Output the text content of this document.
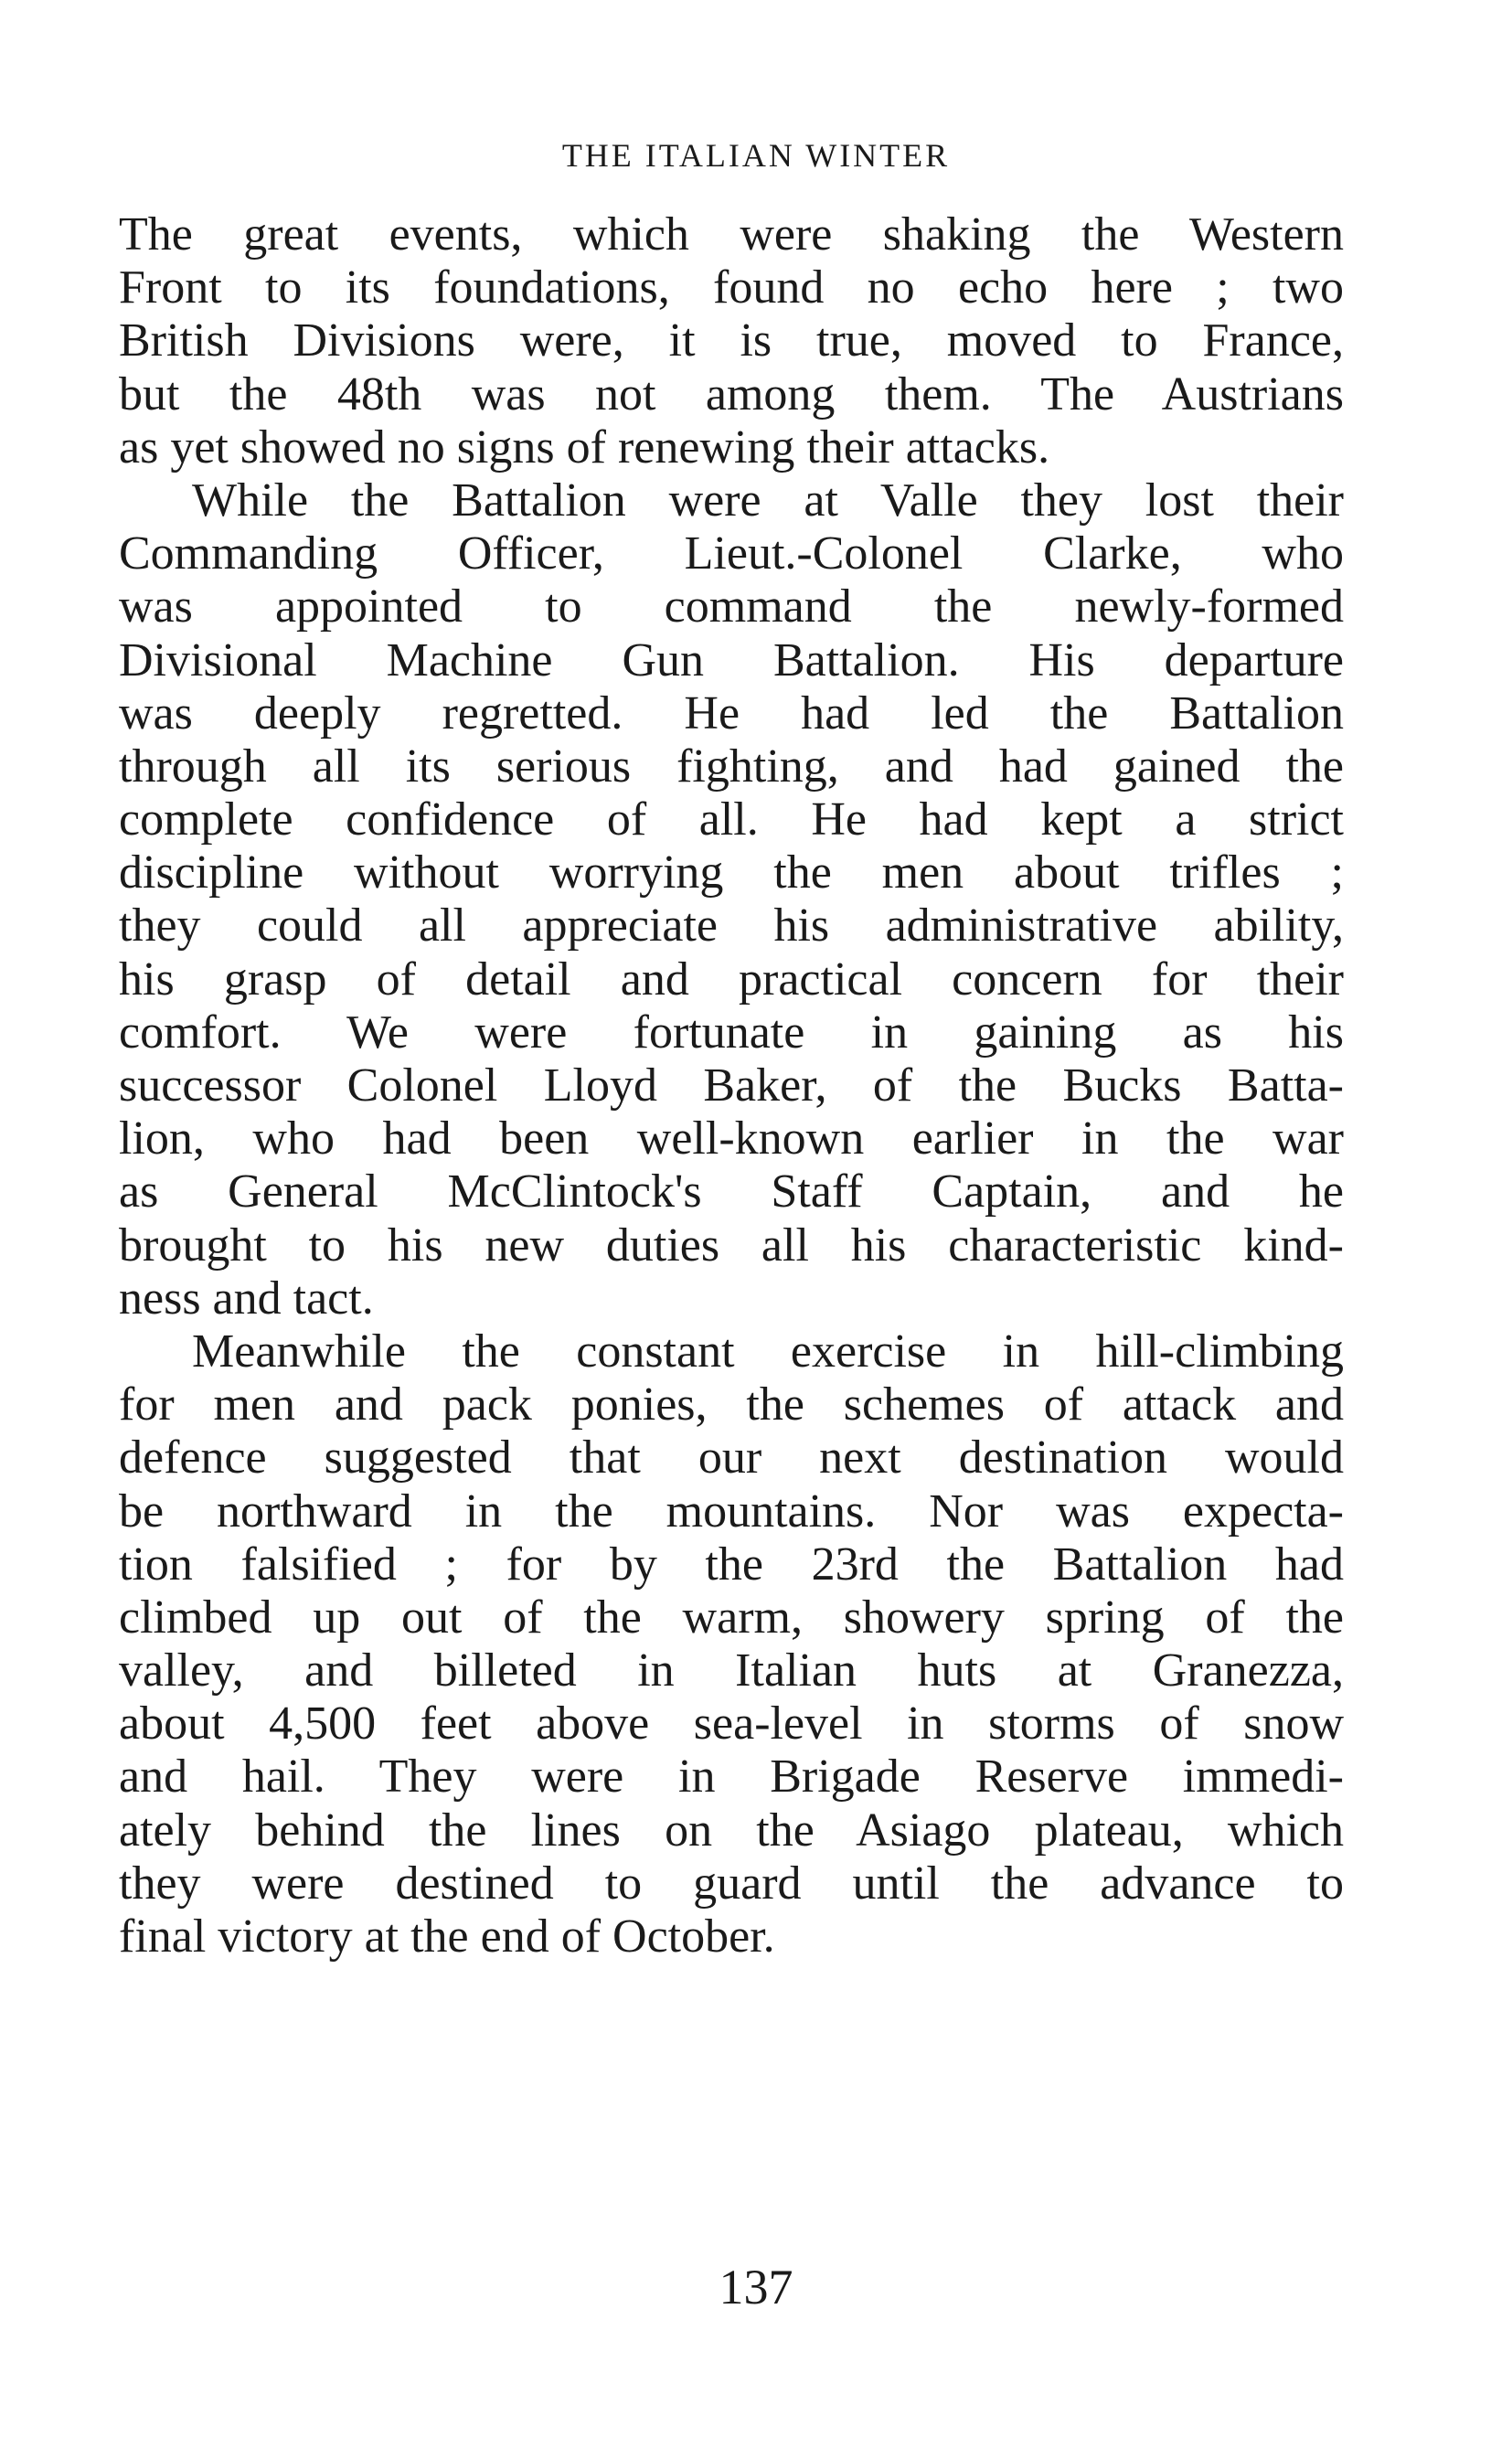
THE ITALIAN WINTER
The great events, which were shaking the Western
Front to its foundations, found no echo here ; two
British Divisions were, it is true, moved to France,
but the 48th was not among them. The Austrians
as yet showed no signs of renewing their attacks.
While the Battalion were at Valle they lost their
Commanding Officer, Lieut.-Colonel Clarke, who
was appointed to command the newly-formed
Divisional Machine Gun Battalion. His departure
was deeply regretted. He had led the Battalion
through all its serious fighting, and had gained the
complete confidence of all. He had kept a strict
discipline without worrying the men about trifles ;
they could all appreciate his administrative ability,
his grasp of detail and practical concern for their
comfort. We were fortunate in gaining as his
successor Colonel Lloyd Baker, of the Bucks Batta-
lion, who had been well-known earlier in the war
as General McClintock's Staff Captain, and he
brought to his new duties all his characteristic kind-
ness and tact.
Meanwhile the constant exercise in hill-climbing
for men and pack ponies, the schemes of attack and
defence suggested that our next destination would
be northward in the mountains. Nor was expecta-
tion falsified ; for by the 23rd the Battalion had
climbed up out of the warm, showery spring of the
valley, and billeted in Italian huts at Granezza,
about 4,500 feet above sea-level in storms of snow
and hail. They were in Brigade Reserve immedi-
ately behind the lines on the Asiago plateau, which
they were destined to guard until the advance to
final victory at the end of October.
137
